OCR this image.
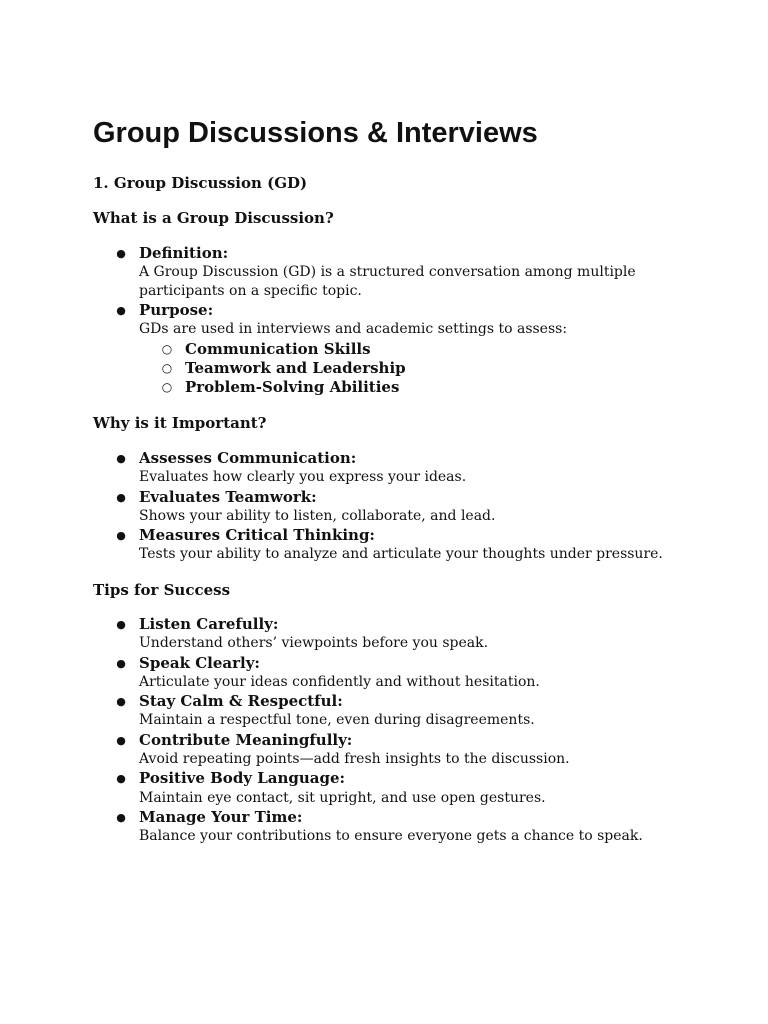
Group Discussions & Interviews
1. Group Discussion (GD)
What is a Group Discussion?
● Definition:
A Group Discussion (GD) is a structured conversation among multiple
participants on a specific topic.
● Purpose:
GDs are used in interviews and academic settings to assess:
○ Communication Skills
○ Teamwork and Leadership
○ Problem-Solving Abilities
Why is it Important?
● Assesses Communication:
Evaluates how clearly you express your ideas.
● Evaluates Teamwork:
Shows your ability to listen, collaborate, and lead.
● Measures Critical Thinking:
Tests your ability to analyze and articulate your thoughts under pressure.
Tips for Success
● Listen Carefully:
Understand others’ viewpoints before you speak.
● Speak Clearly:
Articulate your ideas confidently and without hesitation.
● Stay Calm & Respectful:
Maintain a respectful tone, even during disagreements.
● Contribute Meaningfully:
Avoid repeating points—add fresh insights to the discussion.
● Positive Body Language:
Maintain eye contact, sit upright, and use open gestures.
● Manage Your Time:
Balance your contributions to ensure everyone gets a chance to speak.
